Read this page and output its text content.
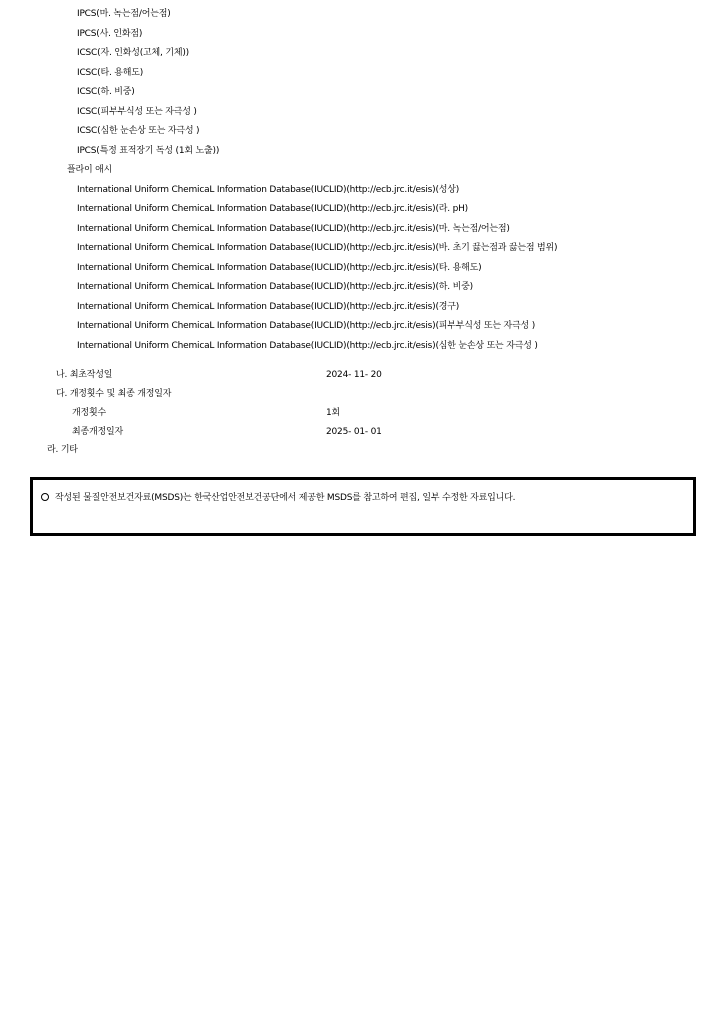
IPCS(마. 녹는점/어는점)
IPCS(사. 인화점)
ICSC(자. 인화성(고체, 기체))
ICSC(타. 용해도)
ICSC(하. 비중)
ICSC(피부부식성 또는 자극성 )
ICSC(심한 눈손상 또는 자극성 )
IPCS(특정 표적장기 독성 (1회 노출))
플라이 애시
International Uniform ChemicaL Information Database(IUCLID)(http://ecb.jrc.it/esis)(성상)
International Uniform ChemicaL Information Database(IUCLID)(http://ecb.jrc.it/esis)(라. pH)
International Uniform ChemicaL Information Database(IUCLID)(http://ecb.jrc.it/esis)(마. 녹는점/어는점)
International Uniform ChemicaL Information Database(IUCLID)(http://ecb.jrc.it/esis)(바. 초기 끓는점과 끓는점 범위)
International Uniform ChemicaL Information Database(IUCLID)(http://ecb.jrc.it/esis)(타. 용해도)
International Uniform ChemicaL Information Database(IUCLID)(http://ecb.jrc.it/esis)(하. 비중)
International Uniform ChemicaL Information Database(IUCLID)(http://ecb.jrc.it/esis)(경구)
International Uniform ChemicaL Information Database(IUCLID)(http://ecb.jrc.it/esis)(피부부식성 또는 자극성 )
International Uniform ChemicaL Information Database(IUCLID)(http://ecb.jrc.it/esis)(심한 눈손상 또는 자극성 )
나. 최초작성일	2024- 11- 20
다. 개정횟수 및 최종 개정일자
개정횟수	1회
최종개정일자	2025- 01- 01
라. 기타
작성된 물질안전보건자료(MSDS)는 한국산업안전보건공단에서 제공한 MSDS를 참고하여 편집, 일부 수정한 자료입니다.
